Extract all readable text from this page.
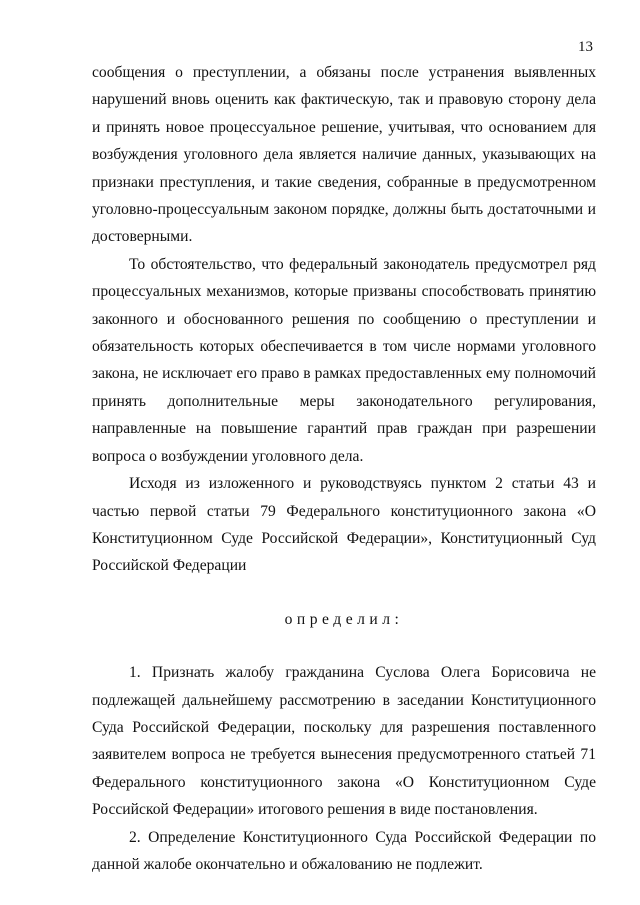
13

сообщения о преступлении, а обязаны после устранения выявленных нарушений вновь оценить как фактическую, так и правовую сторону дела и принять новое процессуальное решение, учитывая, что основанием для возбуждения уголовного дела является наличие данных, указывающих на признаки преступления, и такие сведения, собранные в предусмотренном уголовно-процессуальным законом порядке, должны быть достаточными и достоверными.

То обстоятельство, что федеральный законодатель предусмотрел ряд процессуальных механизмов, которые призваны способствовать принятию законного и обоснованного решения по сообщению о преступлении и обязательность которых обеспечивается в том числе нормами уголовного закона, не исключает его право в рамках предоставленных ему полномочий принять дополнительные меры законодательного регулирования, направленные на повышение гарантий прав граждан при разрешении вопроса о возбуждении уголовного дела.

Исходя из изложенного и руководствуясь пунктом 2 статьи 43 и частью первой статьи 79 Федерального конституционного закона «О Конституционном Суде Российской Федерации», Конституционный Суд Российской Федерации

определил:

1. Признать жалобу гражданина Суслова Олега Борисовича не подлежащей дальнейшему рассмотрению в заседании Конституционного Суда Российской Федерации, поскольку для разрешения поставленного заявителем вопроса не требуется вынесения предусмотренного статьей 71 Федерального конституционного закона «О Конституционном Суде Российской Федерации» итогового решения в виде постановления.

2. Определение Конституционного Суда Российской Федерации по данной жалобе окончательно и обжалованию не подлежит.
